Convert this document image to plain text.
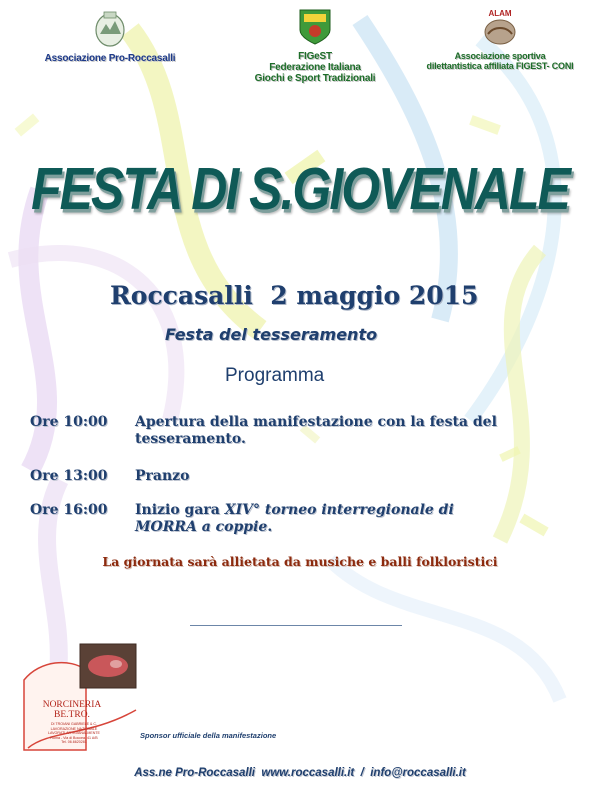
Associazione Pro-Roccasalli	FIGeST
Federazione Italiana
Giochi e Sport Tradizionali
ALAM
Associazione sportiva
dilettantistica affiliata FIGEST- CONI
FESTA DI S.GIOVENALE
Roccasalli  2 maggio 2015
Festa del tesseramento
Programma
Ore 10:00	Apertura della manifestazione con la festa del tesseramento.
Ore 13:00	Pranzo
Ore 16:00	Inizio gara XIV° torneo interregionale di
MORRA a coppie.
La giornata sarà allietata da musiche e balli folkloristici
NORCINERIA
BE.TRO.
DI TROIANI GABRIELE & C.
LAVORAZIONE NAZIONALE
LAVORATI ARTIGIANALMENTE
Roma - Via di Boccea, 41 A/B
Tel. 06.6620281
Sponsor ufficiale della manifestazione
Ass.ne Pro-Roccasalli  www.roccasalli.it  /  info@roccasalli.it
